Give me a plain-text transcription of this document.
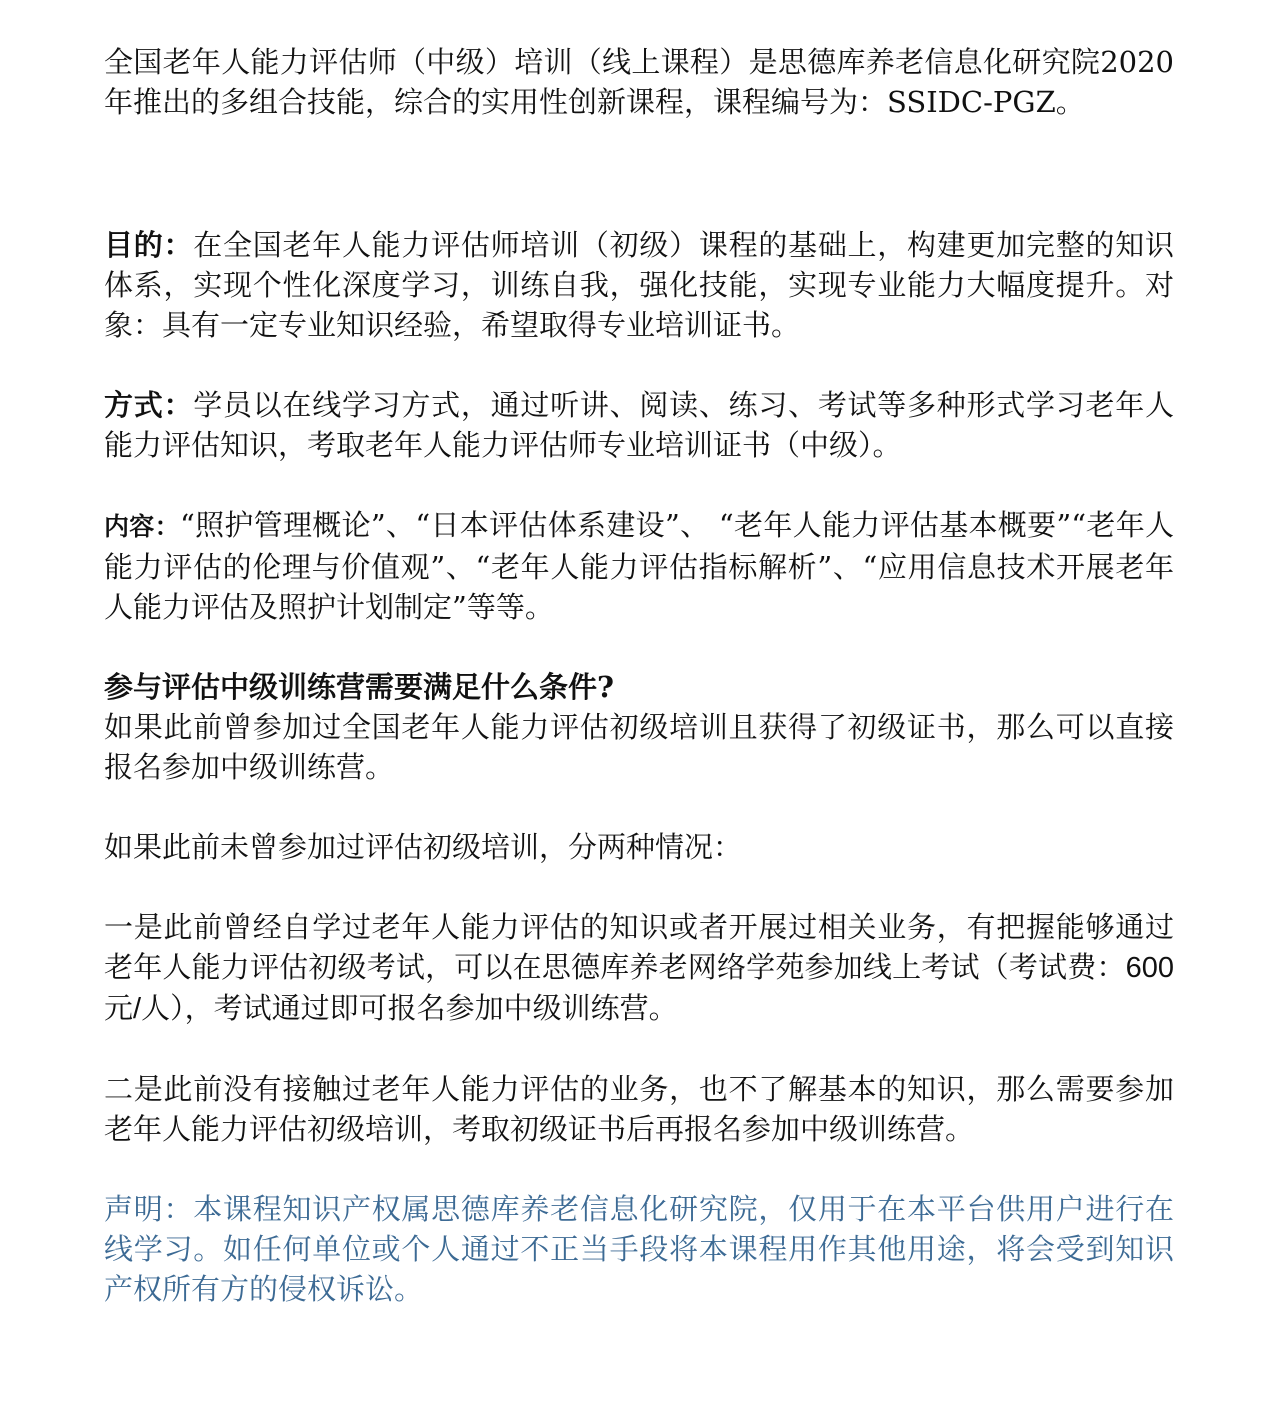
全国老年人能力评估师（中级）培训（线上课程）是思德库养老信息化研究院2020年推出的多组合技能，综合的实用性创新课程，课程编号为：SSIDC-PGZ。

目的：在全国老年人能力评估师培训（初级）课程的基础上，构建更加完整的知识体系，实现个性化深度学习，训练自我，强化技能，实现专业能力大幅度提升。对象：具有一定专业知识经验，希望取得专业培训证书。

方式：学员以在线学习方式，通过听讲、阅读、练习、考试等多种形式学习老年人能力评估知识，考取老年人能力评估师专业培训证书（中级）。

内容：“照护管理概论”、“日本评估体系建设”、 “老年人能力评估基本概要”“老年人能力评估的伦理与价值观”、“老年人能力评估指标解析”、“应用信息技术开展老年人能力评估及照护计划制定”等等。

参与评估中级训练营需要满足什么条件?

如果此前曾参加过全国老年人能力评估初级培训且获得了初级证书，那么可以直接报名参加中级训练营。

如果此前未曾参加过评估初级培训，分两种情况：

一是此前曾经自学过老年人能力评估的知识或者开展过相关业务，有把握能够通过老年人能力评估初级考试，可以在思德库养老网络学苑参加线上考试（考试费：600 元/人），考试通过即可报名参加中级训练营。

二是此前没有接触过老年人能力评估的业务，也不了解基本的知识，那么需要参加老年人能力评估初级培训，考取初级证书后再报名参加中级训练营。

声明：本课程知识产权属思德库养老信息化研究院，仅用于在本平台供用户进行在线学习。如任何单位或个人通过不正当手段将本课程用作其他用途，将会受到知识产权所有方的侵权诉讼。
